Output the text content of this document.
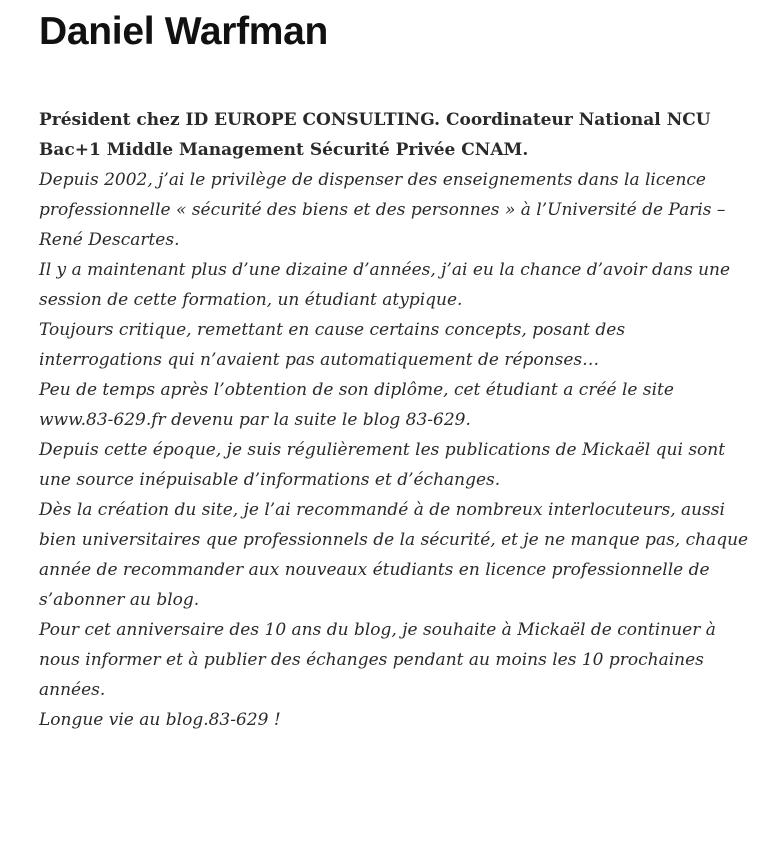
Daniel Warfman
Président chez ID EUROPE CONSULTING. Coordinateur National NCU
Bac+1 Middle Management Sécurité Privée CNAM.

Depuis 2002, j’ai le privilège de dispenser des enseignements dans la licence
professionnelle « sécurité des biens et des personnes » à l’Université de Paris –
René Descartes.
Il y a maintenant plus d’une dizaine d’années, j’ai eu la chance d’avoir dans une
session de cette formation, un étudiant atypique.
Toujours critique, remettant en cause certains concepts, posant des
interrogations qui n’avaient pas automatiquement de réponses…
Peu de temps après l’obtention de son diplôme, cet étudiant a créé le site
www.83-629.fr devenu par la suite le blog 83-629.

Depuis cette époque, je suis régulièrement les publications de Mickaël qui sont
une source inépuisable d’informations et d’échanges.
Dès la création du site, je l’ai recommandé à de nombreux interlocuteurs, aussi
bien universitaires que professionnels de la sécurité, et je ne manque pas, chaque
année de recommander aux nouveaux étudiants en licence professionnelle de
s’abonner au blog.
Pour cet anniversaire des 10 ans du blog, je souhaite à Mickaël de continuer à
nous informer et à publier des échanges pendant au moins les 10 prochaines
années.
Longue vie au blog.83-629 !
